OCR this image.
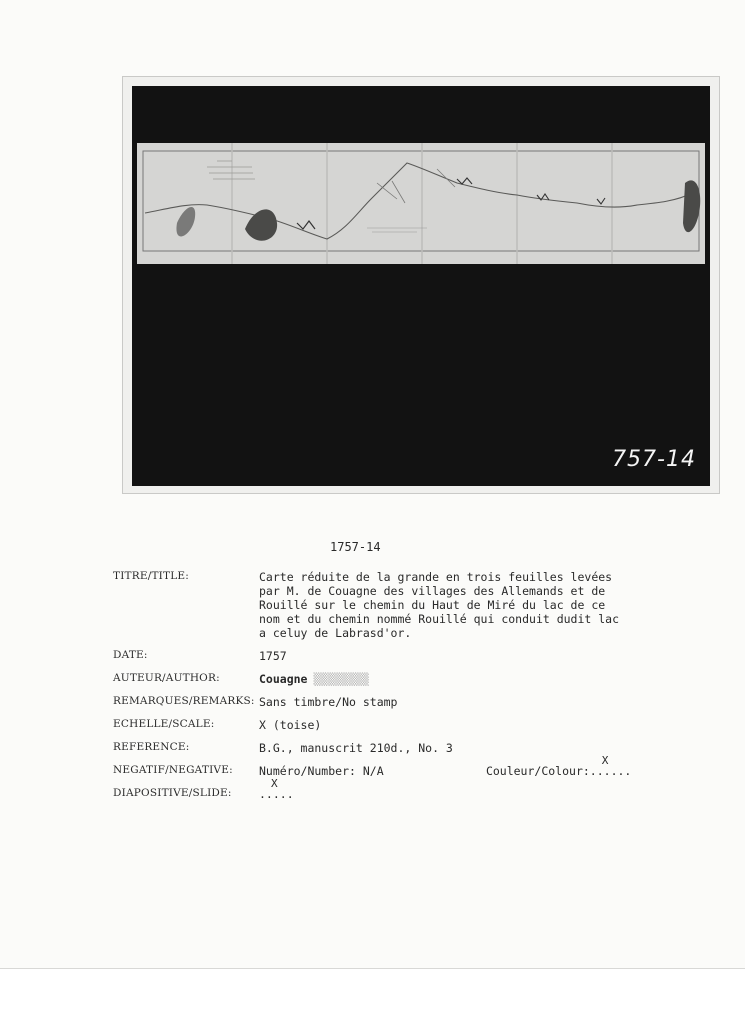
757-14
1757-14
TITRE/TITLE:	Carte réduite de la grande en trois feuilles levées
par M. de Couagne des villages des Allemands et de
Rouillé sur le chemin du Haut de Miré du lac de ce
nom et du chemin nommé Rouillé qui conduit dudit lac
a celuy de Labrasd'or.
DATE:	1757
AUTEUR/AUTHOR:	Couagne ▒▒▒▒▒▒▒▒
REMARQUES/REMARKS: Sans timbre/No stamp
ECHELLE/SCALE:	X (toise)
REFERENCE:	B.G., manuscrit 210d., No. 3
NEGATIF/NEGATIVE:	Numéro/Number: N/A	Couleur/Colour:
X
......
DIAPOSITIVE/SLIDE:
X
.....
